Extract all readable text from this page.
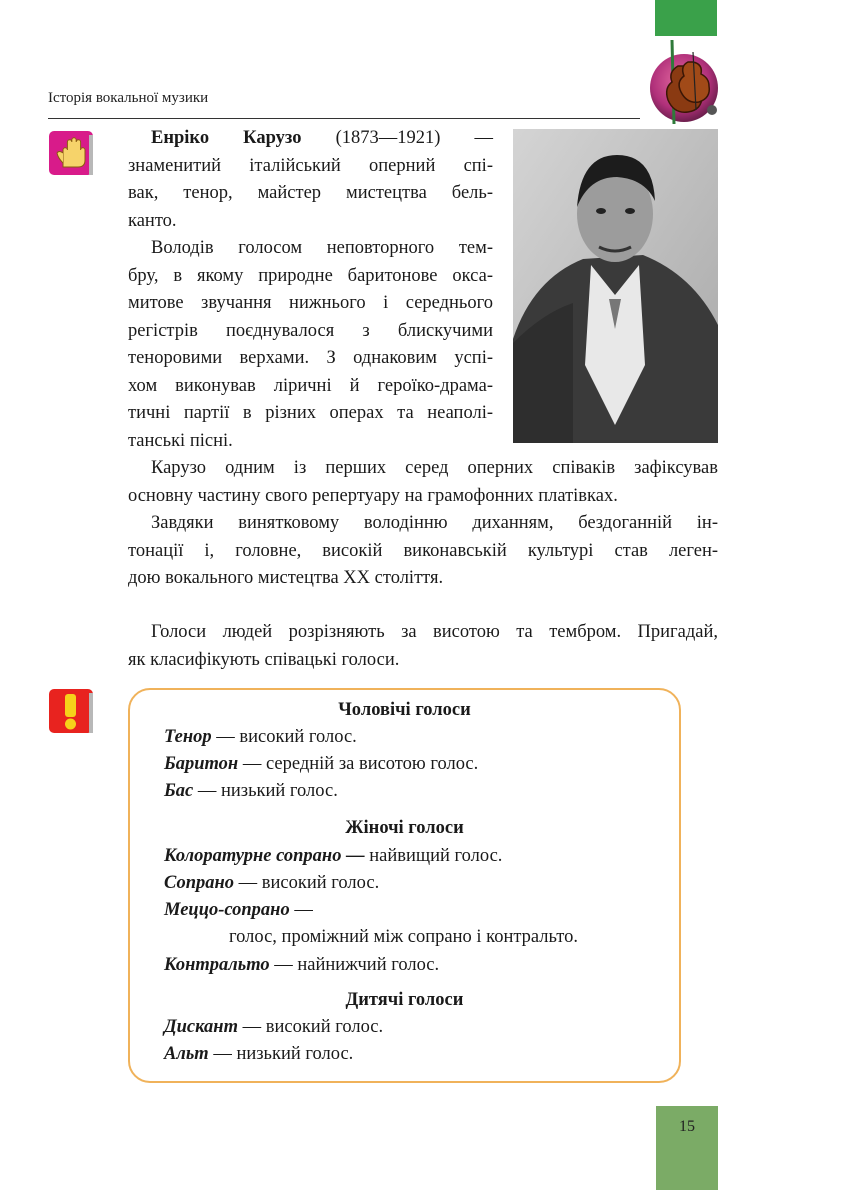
Історія вокальної музики
Енріко Карузо (1873—1921) —
знаменитий італійський оперний спі-
вак, тенор, майстер мистецтва бель-
канто.
Володів голосом неповторного тем-
бру, в якому природне баритонове окса-
митове звучання нижнього і середнього
регістрів поєднувалося з блискучими
теноровими верхами. З однаковим успі-
хом виконував ліричні й героїко-драма-
тичні партії в різних операх та неаполі-
танські пісні.
Карузо одним із перших серед оперних співаків зафіксував
основну частину свого репертуару на грамофонних платівках.
Завдяки винятковому володінню диханням, бездоганній ін-
тонації і, головне, високій виконавській культурі став леген-
дою вокального мистецтва XX століття.
Голоси людей розрізняють за висотою та тембром. Пригадай,
як класифікують співацькі голоси.
Чоловічі голоси
Тенор — високий голос.
Баритон — середній за висотою голос.
Бас — низький голос.
Жіночі голоси
Колоратурне сопрано — найвищий голос.
Сопрано — високий голос.
Меццо-сопрано —
голос, проміжний між сопрано і контральто.
Контральто — найнижчий голос.
Дитячі голоси
Дискант — високий голос.
Альт — низький голос.
15
